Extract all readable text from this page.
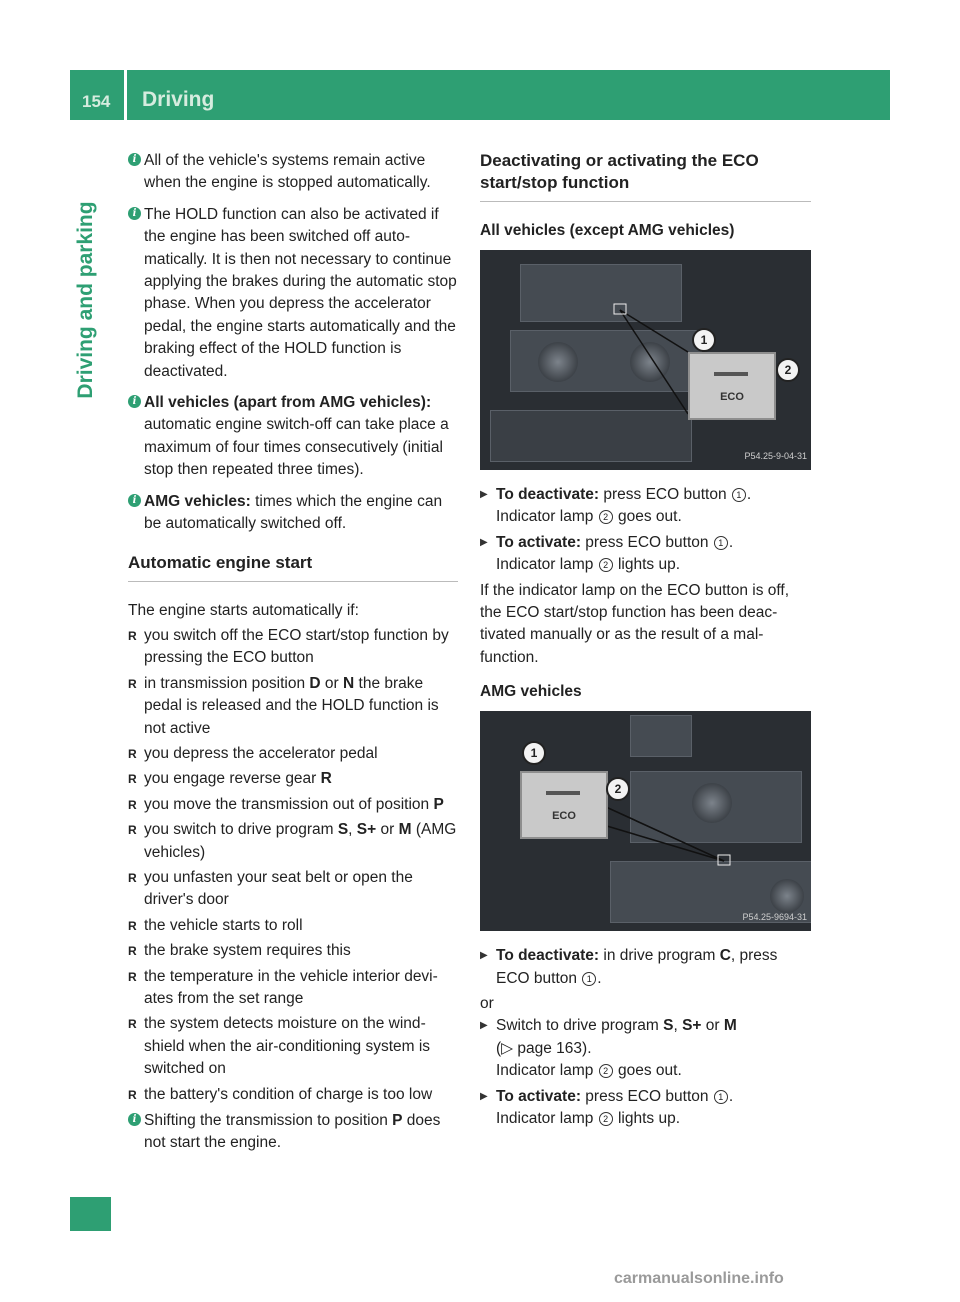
154 Driving
Driving and parking
i All of the vehicle's systems remain active when the engine is stopped automatically.
i The HOLD function can also be activated if the engine has been switched off automatically. It is then not necessary to continue applying the brakes during the automatic stop phase. When you depress the accelerator pedal, the engine starts automatically and the braking effect of the HOLD function is deactivated.
i All vehicles (apart from AMG vehicles): automatic engine switch-off can take place a maximum of four times consecutively (initial stop then repeated three times).
i AMG vehicles: times which the engine can be automatically switched off.
Automatic engine start

The engine starts automatically if:

R you switch off the ECO start/stop function by pressing the ECO button
R in transmission position D or N the brake pedal is released and the HOLD function is not active
R you depress the accelerator pedal
R you engage reverse gear R
R you move the transmission out of position P
R you switch to drive program S, S+ or M (AMG vehicles)
R you unfasten your seat belt or open the driver's door
R the vehicle starts to roll
R the brake system requires this
R the temperature in the vehicle interior deviates from the set range
R the system detects moisture on the windshield when the air-conditioning system is switched on
R the battery's condition of charge is too low
i Shifting the transmission to position P does not start the engine.
Deactivating or activating the ECO start/stop function
All vehicles (except AMG vehicles)
ECO
1
2
P54.25-9-04-31
▶ To deactivate: press ECO button 1 .
Indicator lamp 2 goes out.
▶ To activate: press ECO button 1 .
Indicator lamp 2 lights up.

If the indicator lamp on the ECO button is off, the ECO start/stop function has been deactivated manually or as the result of a malfunction.

AMG vehicles
ECO
1
2
P54.25-9694-31
▶ To deactivate: in drive program C, press ECO button 1 .

or

▶ Switch to drive program S, S+ or M
(▷ page 163).
Indicator lamp 2 goes out.
▶ To activate: press ECO button 1 .
Indicator lamp 2 lights up.
carmanualsonline.info
